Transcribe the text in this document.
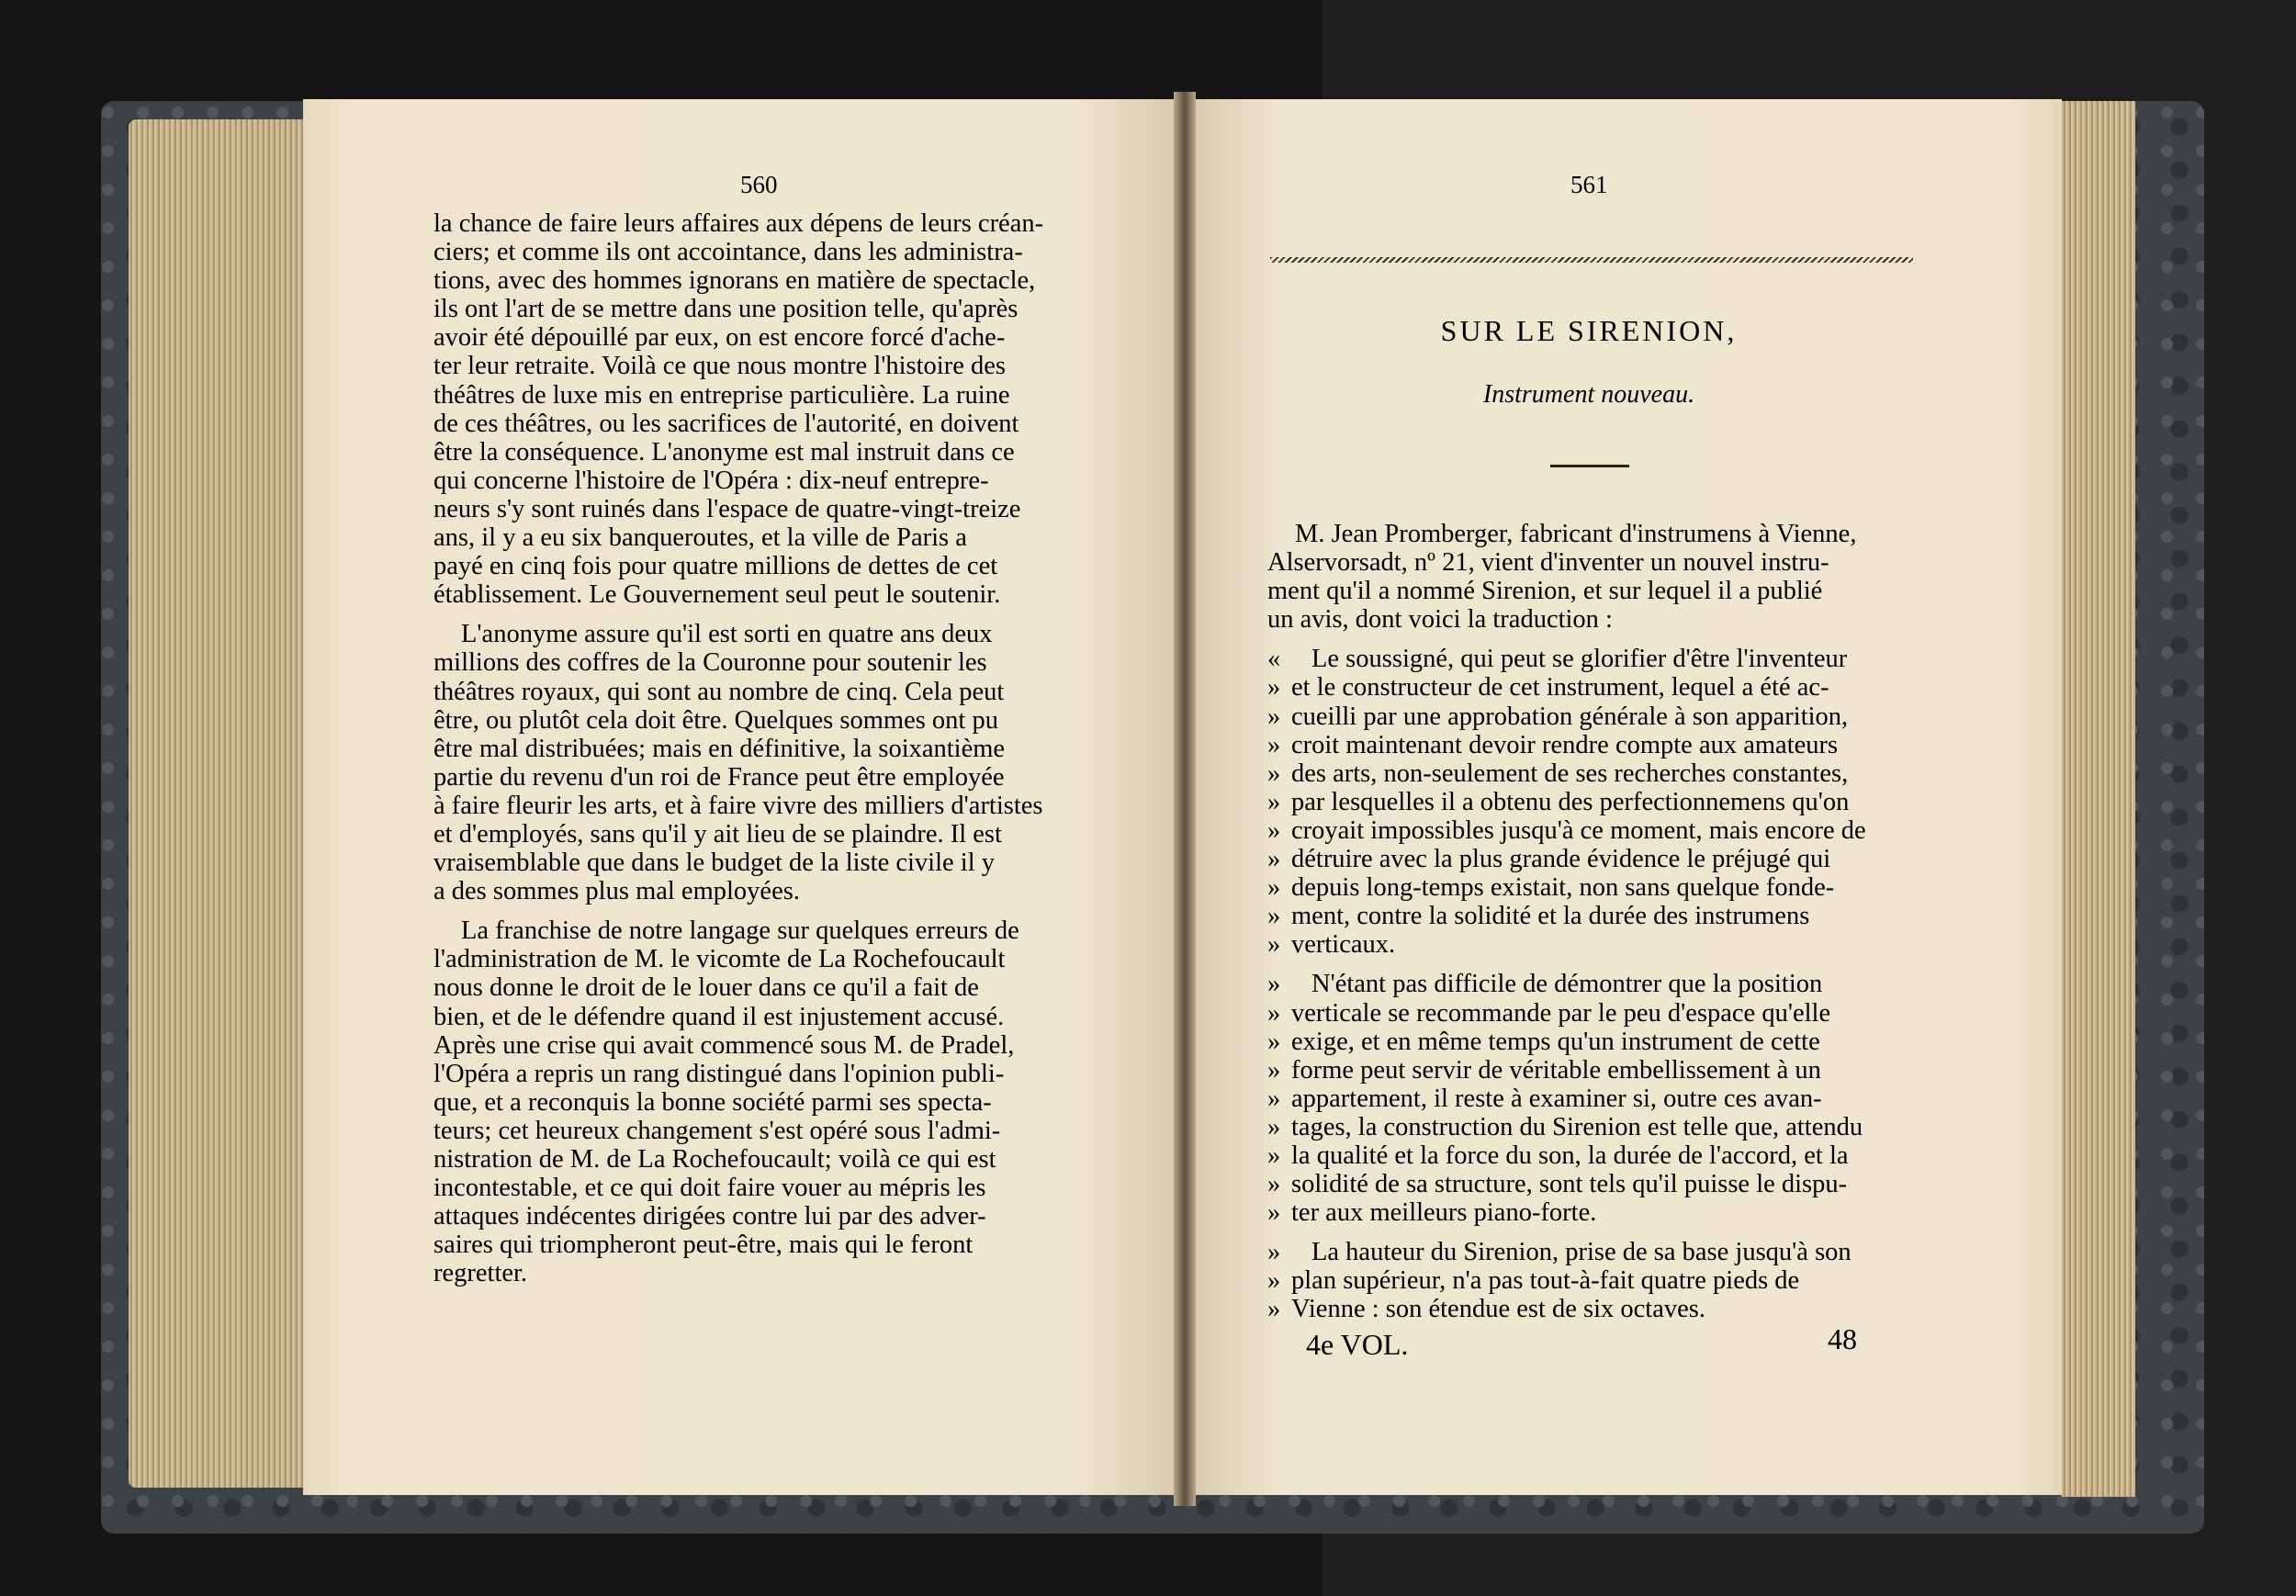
560

la chance de faire leurs affaires aux dépens de leurs créan-
ciers; et comme ils ont accointance, dans les administra-
tions, avec des hommes ignorans en matière de spectacle,
ils ont l'art de se mettre dans une position telle, qu'après
avoir été dépouillé par eux, on est encore forcé d'ache-
ter leur retraite. Voilà ce que nous montre l'histoire des
théâtres de luxe mis en entreprise particulière. La ruine
de ces théâtres, ou les sacrifices de l'autorité, en doivent
être la conséquence. L'anonyme est mal instruit dans ce
qui concerne l'histoire de l'Opéra : dix-neuf entrepre-
neurs s'y sont ruinés dans l'espace de quatre-vingt-treize
ans, il y a eu six banqueroutes, et la ville de Paris a
payé en cinq fois pour quatre millions de dettes de cet
établissement. Le Gouvernement seul peut le soutenir.

L'anonyme assure qu'il est sorti en quatre ans deux
millions des coffres de la Couronne pour soutenir les
théâtres royaux, qui sont au nombre de cinq. Cela peut
être, ou plutôt cela doit être. Quelques sommes ont pu
être mal distribuées; mais en définitive, la soixantième
partie du revenu d'un roi de France peut être employée
à faire fleurir les arts, et à faire vivre des milliers d'artistes
et d'employés, sans qu'il y ait lieu de se plaindre. Il est
vraisemblable que dans le budget de la liste civile il y
a des sommes plus mal employées.

La franchise de notre langage sur quelques erreurs de
l'administration de M. le vicomte de La Rochefoucault
nous donne le droit de le louer dans ce qu'il a fait de
bien, et de le défendre quand il est injustement accusé.
Après une crise qui avait commencé sous M. de Pradel,
l'Opéra a repris un rang distingué dans l'opinion publi-
que, et a reconquis la bonne société parmi ses specta-
teurs; cet heureux changement s'est opéré sous l'admi-
nistration de M. de La Rochefoucault; voilà ce qui est
incontestable, et ce qui doit faire vouer au mépris les
attaques indécentes dirigées contre lui par des adver-
saires qui triompheront peut-être, mais qui le feront
regretter.

561
SUR LE SIRENION,
Instrument nouveau.

M. Jean Promberger, fabricant d'instrumens à Vienne,
Alservorsadt, nº 21, vient d'inventer un nouvel instru-
ment qu'il a nommé Sirenion, et sur lequel il a publié
un avis, dont voici la traduction :

« Le soussigné, qui peut se glorifier d'être l'inventeur
» et le constructeur de cet instrument, lequel a été ac-
» cueilli par une approbation générale à son apparition,
» croit maintenant devoir rendre compte aux amateurs
» des arts, non-seulement de ses recherches constantes,
» par lesquelles il a obtenu des perfectionnemens qu'on
» croyait impossibles jusqu'à ce moment, mais encore de
» détruire avec la plus grande évidence le préjugé qui
» depuis long-temps existait, non sans quelque fonde-
» ment, contre la solidité et la durée des instrumens
» verticaux.

» N'étant pas difficile de démontrer que la position
» verticale se recommande par le peu d'espace qu'elle
» exige, et en même temps qu'un instrument de cette
» forme peut servir de véritable embellissement à un
» appartement, il reste à examiner si, outre ces avan-
» tages, la construction du Sirenion est telle que, attendu
» la qualité et la force du son, la durée de l'accord, et la
» solidité de sa structure, sont tels qu'il puisse le dispu-
» ter aux meilleurs piano-forte.

» La hauteur du Sirenion, prise de sa base jusqu'à son
» plan supérieur, n'a pas tout-à-fait quatre pieds de
» Vienne : son étendue est de six octaves.

4e VOL.	48
